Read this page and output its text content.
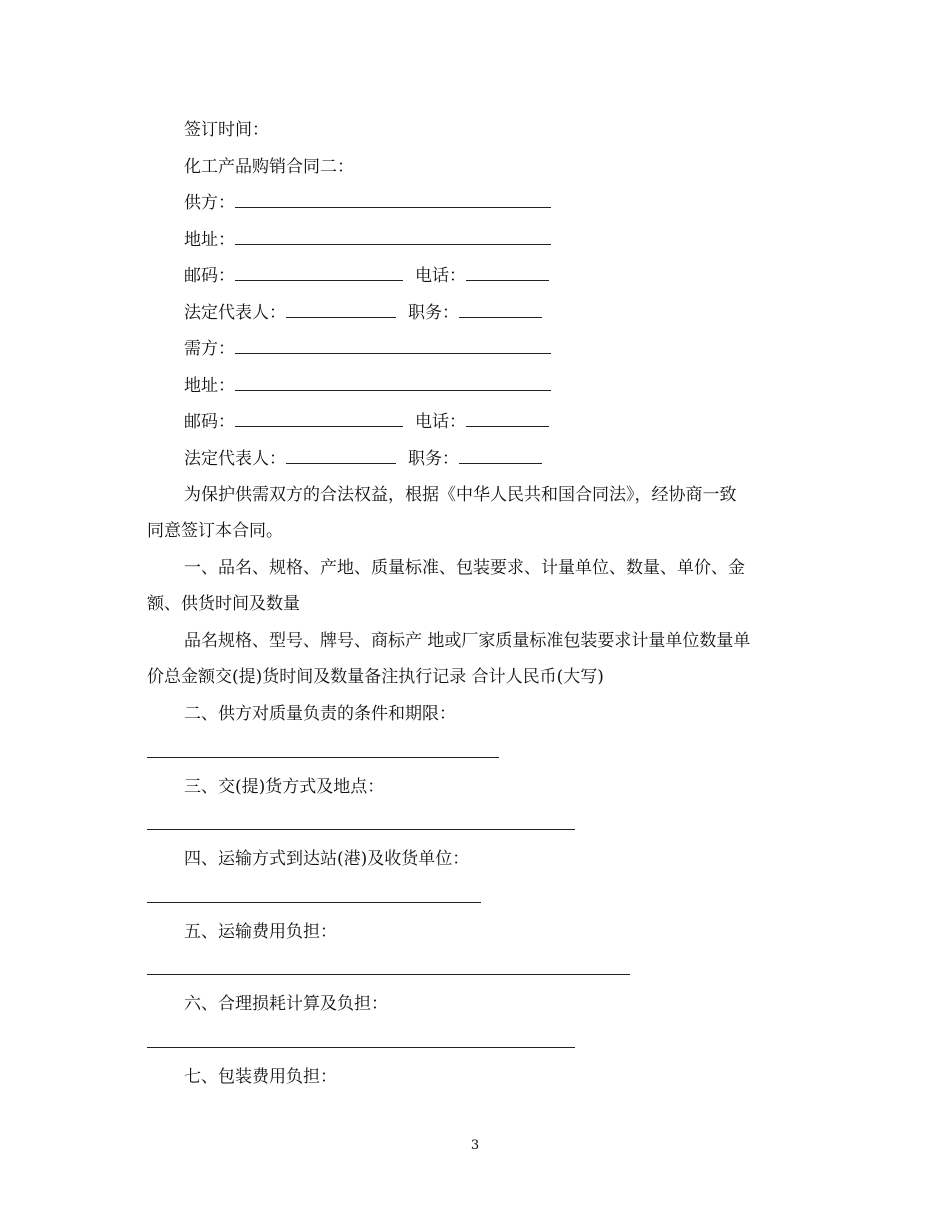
签订时间：
化工产品购销合同二：
供方：
地址：
邮码：	电话：
法定代表人：	职务：
需方：
地址：
邮码：	电话：
法定代表人：	职务：
为保护供需双方的合法权益，根据《中华人民共和国合同法》，经协商一致
同意签订本合同。
一、品名、规格、产地、质量标准、包装要求、计量单位、数量、单价、金
额、供货时间及数量
品名规格、型号、牌号、商标产 地或厂家质量标准包装要求计量单位数量单
价总金额交(提)货时间及数量备注执行记录 合计人民币(大写)
二、供方对质量负责的条件和期限：
三、交(提)货方式及地点：
四、运输方式到达站(港)及收货单位：
五、运输费用负担：
六、合理损耗计算及负担：
七、包装费用负担：
3
